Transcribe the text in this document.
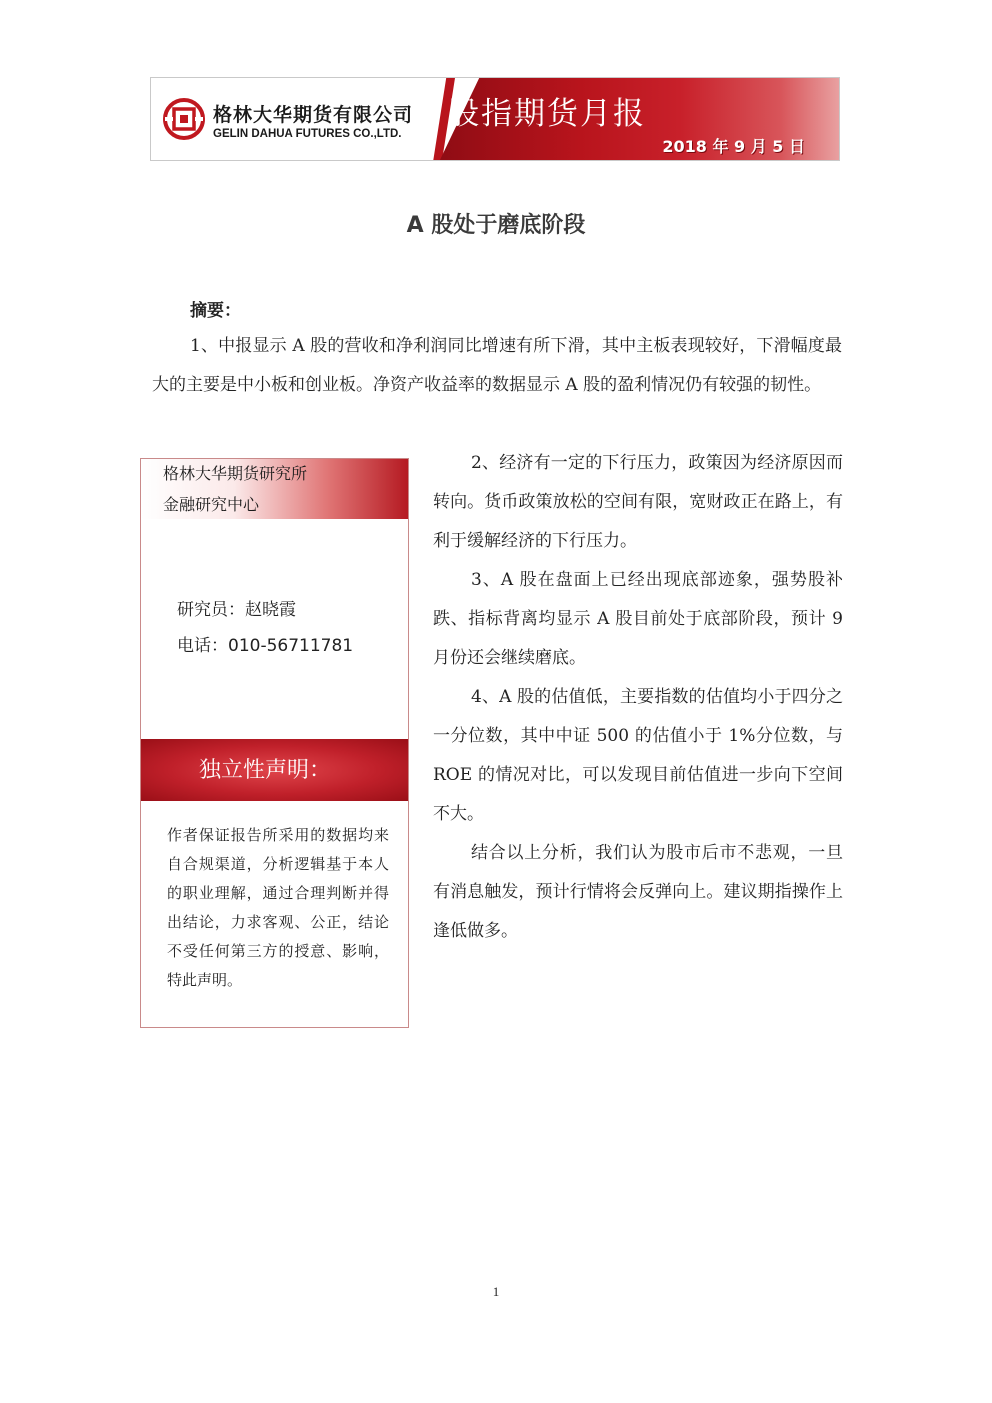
格林大华期货有限公司
GELIN DAHUA FUTURES CO.,LTD.
股指期货月报
2018 年 9 月 5 日
A 股处于磨底阶段
摘要：

1、中报显示 A 股的营收和净利润同比增速有所下滑，其中主板表现较好，下滑幅度最大的主要是中小板和创业板。净资产收益率的数据显示 A 股的盈利情况仍有较强的韧性。

2、经济有一定的下行压力，政策因为经济原因而转向。货币政策放松的空间有限，宽财政正在路上，有利于缓解经济的下行压力。

3、A 股在盘面上已经出现底部迹象，强势股补跌、指标背离均显示 A 股目前处于底部阶段，预计 9 月份还会继续磨底。

4、A 股的估值低，主要指数的估值均小于四分之一分位数，其中中证 500 的估值小于 1%分位数，与 ROE 的情况对比，可以发现目前估值进一步向下空间不大。

结合以上分析，我们认为股市后市不悲观，一旦有消息触发，预计行情将会反弹向上。建议期指操作上逢低做多。

格林大华期货研究所
金融研究中心
研究员：赵晓霞
电话：010-56711781
独立性声明：

作者保证报告所采用的数据均来自合规渠道，分析逻辑基于本人的职业理解，通过合理判断并得出结论，力求客观、公正，结论不受任何第三方的授意、影响，特此声明。

1
